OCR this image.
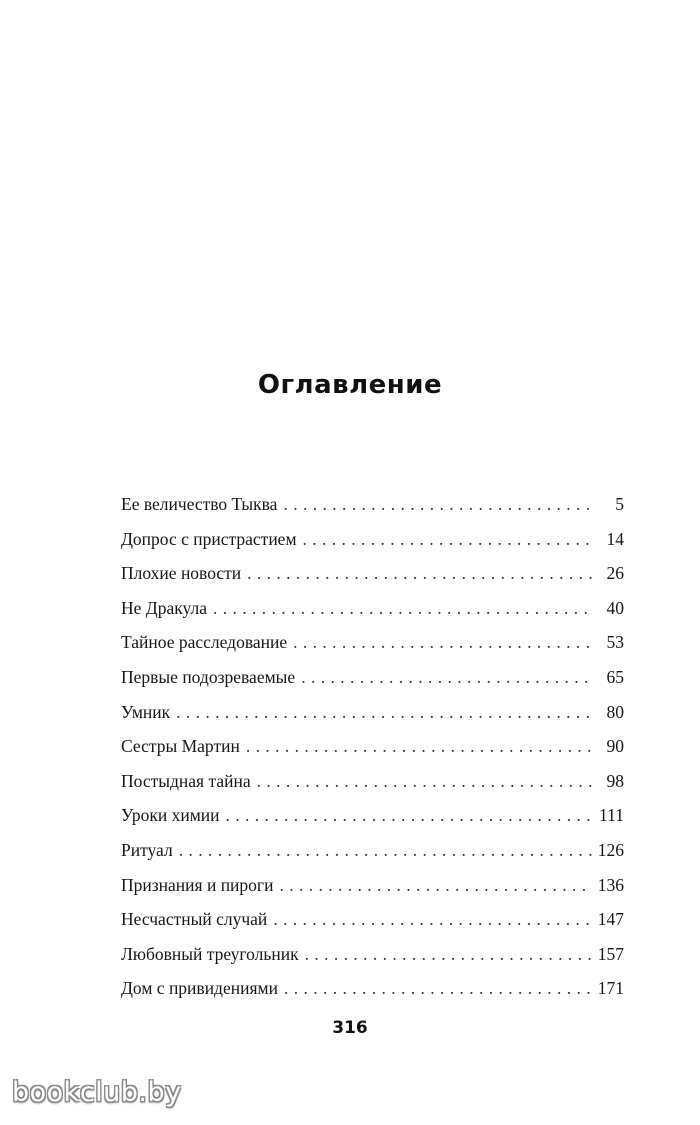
Оглавление
Ее величество Тыква . . .	5
Допрос с пристрастием . . .	14
Плохие новости . . .	26
Не Дракула . . .	40
Тайное расследование . . .	53
Первые подозреваемые . . .	65
Умник . . .	80
Сестры Мартин . . .	90
Постыдная тайна . . .	98
Уроки химии . . .	111
Ритуал . . .	126
Признания и пироги . . .	136
Несчастный случай . . .	147
Любовный треугольник . . .	157
Дом с привидениями . . .	171
316
bookclub.by
